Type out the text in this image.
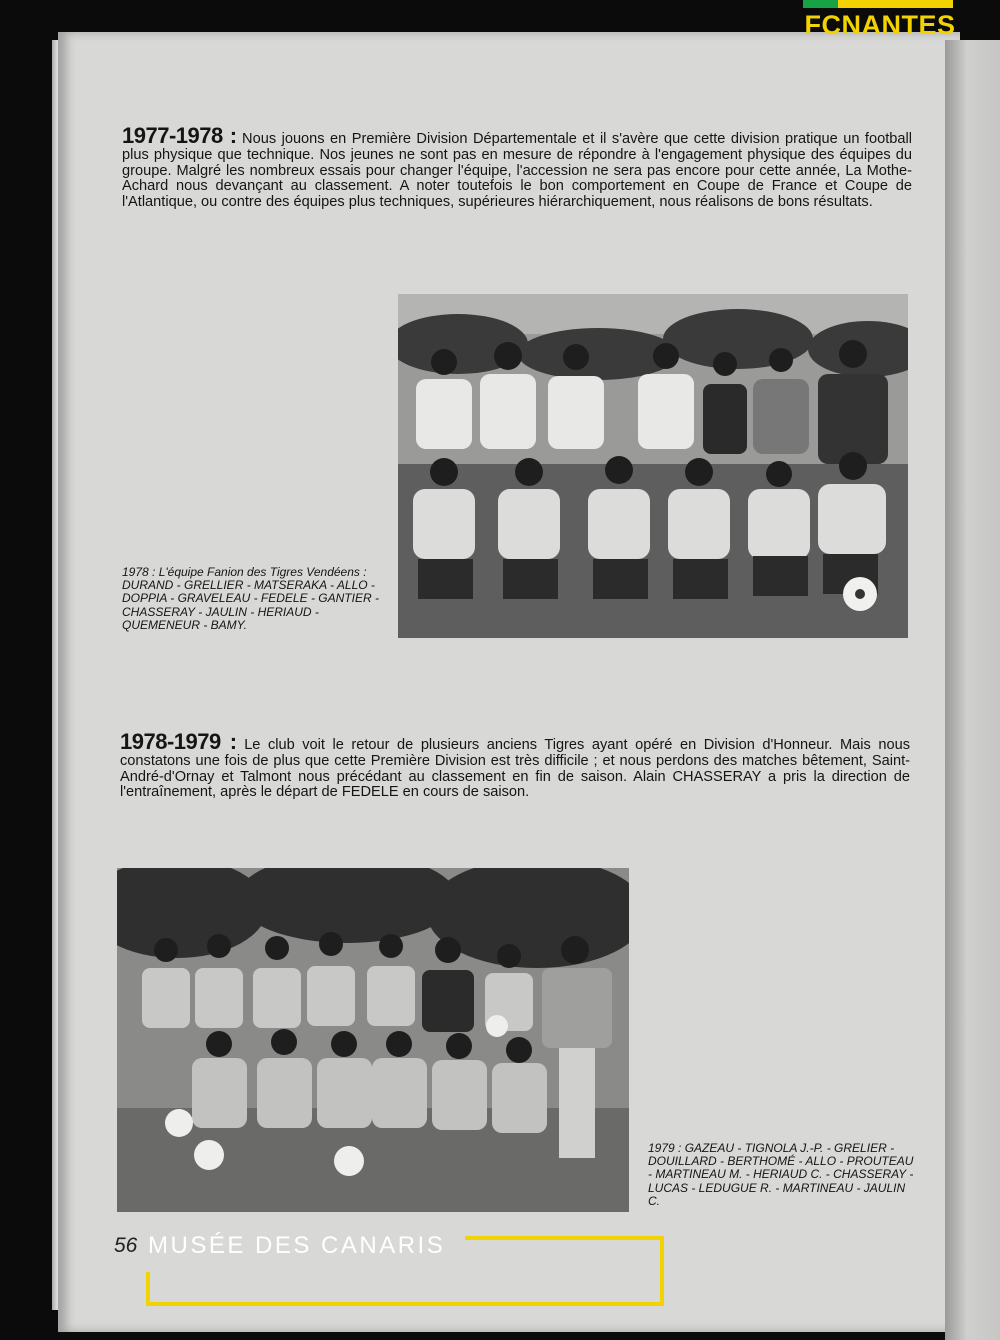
FCNANTES
1977-1978 : Nous jouons en Première Division Départementale et il s'avère que cette division pratique un football plus physique que technique. Nos jeunes ne sont pas en mesure de répondre à l'engagement physique des équipes du groupe. Malgré les nombreux essais pour changer l'équipe, l'accession ne sera pas encore pour cette année, La Mothe-Achard nous devançant au classement. A noter toutefois le bon comportement en Coupe de France et Coupe de l'Atlantique, ou contre des équipes plus techniques, supérieures hiérarchiquement, nous réalisons de bons résultats.
1978 : L'équipe Fanion des Tigres Vendéens : DURAND - GRELLIER - MATSERAKA - ALLO - DOPPIA - GRAVELEAU - FEDELE - GANTIER - CHASSERAY - JAULIN - HERIAUD - QUEMENEUR - BAMY.
1978-1979 : Le club voit le retour de plusieurs anciens Tigres ayant opéré en Division d'Honneur. Mais nous constatons une fois de plus que cette Première Division est très difficile ; et nous perdons des matches bêtement, Saint-André-d'Ornay et Talmont nous précédant au classement en fin de saison. Alain CHASSERAY a pris la direction de l'entraînement, après le départ de FEDELE en cours de saison.
1979 : GAZEAU - TIGNOLA J.-P. - GRELIER - DOUILLARD - BERTHOMÉ - ALLO - PROUTEAU - MARTINEAU M. - HERIAUD C. - CHASSERAY - LUCAS - LEDUGUE R. - MARTINEAU - JAULIN C.
56 MUSÉE DES CANARIS
